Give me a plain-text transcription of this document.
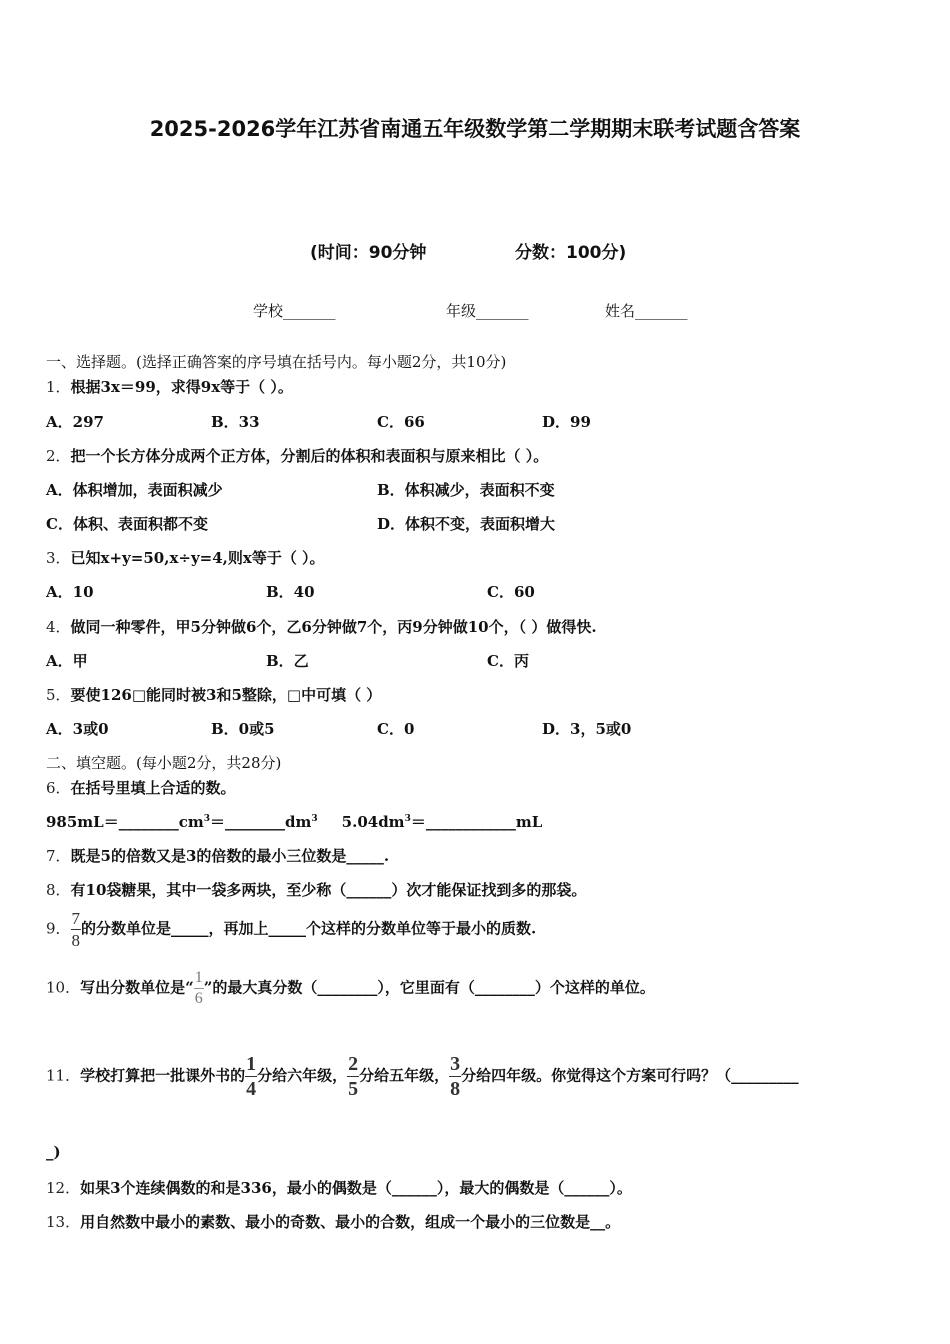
2025-2026学年江苏省南通五年级数学第二学期期末联考试题含答案
(时间：90分钟	分数：100分)
学校_______	年级_______	姓名_______
一、选择题。(选择正确答案的序号填在括号内。每小题2分，共10分)
1．根据3x＝99，求得9x等于（ ）。
A．297	B．33	C．66	D．99
2．把一个长方体分成两个正方体，分割后的体积和表面积与原来相比（ ）。
A．体积增加，表面积减少	B．体积减少，表面积不变
C．体积、表面积都不变	D．体积不变，表面积增大
3．已知x+y=50,x÷y=4,则x等于（ ）。
A．10	B．40	C．60
4．做同一种零件，甲5分钟做6个，乙6分钟做7个，丙9分钟做10个，（ ）做得快.
A．甲	B．乙	C．丙
5．要使126□能同时被3和5整除，□中可填（ ）
A．3或0	B．0或5	C．0	D．3，5或0
二、填空题。(每小题2分，共28分)
6．在括号里填上合适的数。
$985mL=\_\_\_\_\_\_\_\_cm^3=\_\_\_\_\_\_\_\_dm^3$ $5.04dm^3=\_\_\_\_\_\_\_\_\_\_\_\_mL$
7．既是5的倍数又是3的倍数的最小三位数是_____.
8．有10袋糖果，其中一袋多两块，至少称（______）次才能保证找到多的那袋。
9． $\frac{7}{8}$ 的分数单位是_____，再加上_____个这样的分数单位等于最小的质数.
10．写出分数单位是“ $\frac{1}{6}$ ”的最大真分数（________），它里面有（________）个这样的单位。
11．学校打算把一批课外书的 $\frac{1}{4}$ 分给六年级， $\frac{2}{5}$ 分给五年级， $\frac{3}{8}$ 分给四年级。你觉得这个方案可行吗？（_________
_)
12．如果3个连续偶数的和是336，最小的偶数是（______），最大的偶数是（______）。
13．用自然数中最小的素数、最小的奇数、最小的合数，组成一个最小的三位数是__。
